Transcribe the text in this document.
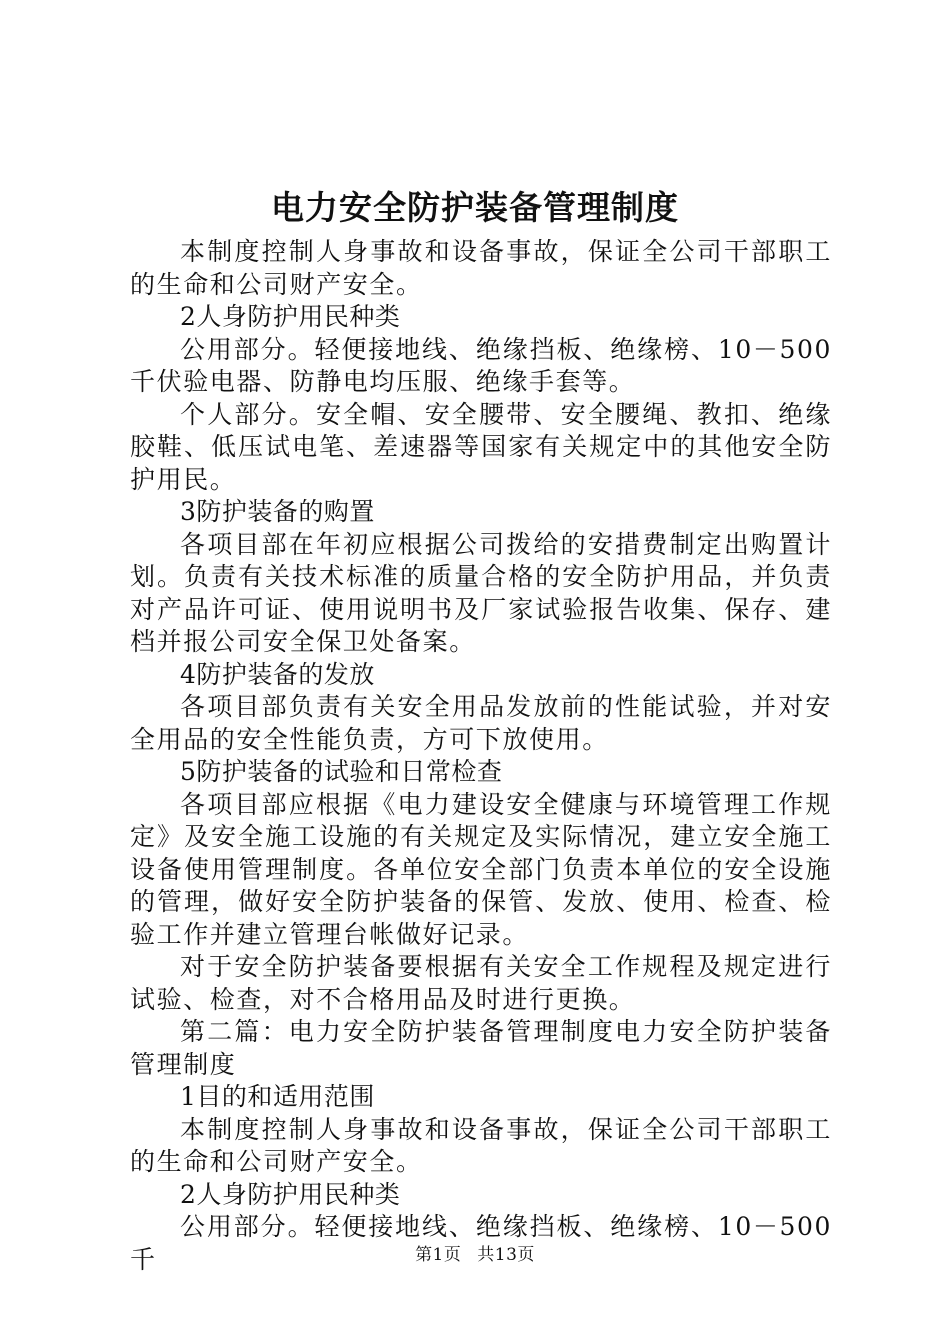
电力安全防护装备管理制度

本制度控制人身事故和设备事故，保证全公司干部职工的生命和公司财产安全。

2人身防护用民种类

公用部分。轻便接地线、绝缘挡板、绝缘榜、10－500千伏验电器、防静电均压服、绝缘手套等。

个人部分。安全帽、安全腰带、安全腰绳、教扣、绝缘胶鞋、低压试电笔、差速器等国家有关规定中的其他安全防护用民。

3防护装备的购置

各项目部在年初应根据公司拨给的安措费制定出购置计划。负责有关技术标准的质量合格的安全防护用品，并负责对产品许可证、使用说明书及厂家试验报告收集、保存、建档并报公司安全保卫处备案。

4防护装备的发放

各项目部负责有关安全用品发放前的性能试验，并对安全用品的安全性能负责，方可下放使用。

5防护装备的试验和日常检查

各项目部应根据《电力建设安全健康与环境管理工作规定》及安全施工设施的有关规定及实际情况，建立安全施工设备使用管理制度。各单位安全部门负责本单位的安全设施的管理，做好安全防护装备的保管、发放、使用、检查、检验工作并建立管理台帐做好记录。

对于安全防护装备要根据有关安全工作规程及规定进行试验、检查，对不合格用品及时进行更换。

第二篇：电力安全防护装备管理制度电力安全防护装备管理制度

1目的和适用范围

本制度控制人身事故和设备事故，保证全公司干部职工的生命和公司财产安全。

2人身防护用民种类

公用部分。轻便接地线、绝缘挡板、绝缘榜、10－500千	第1页 共13页
